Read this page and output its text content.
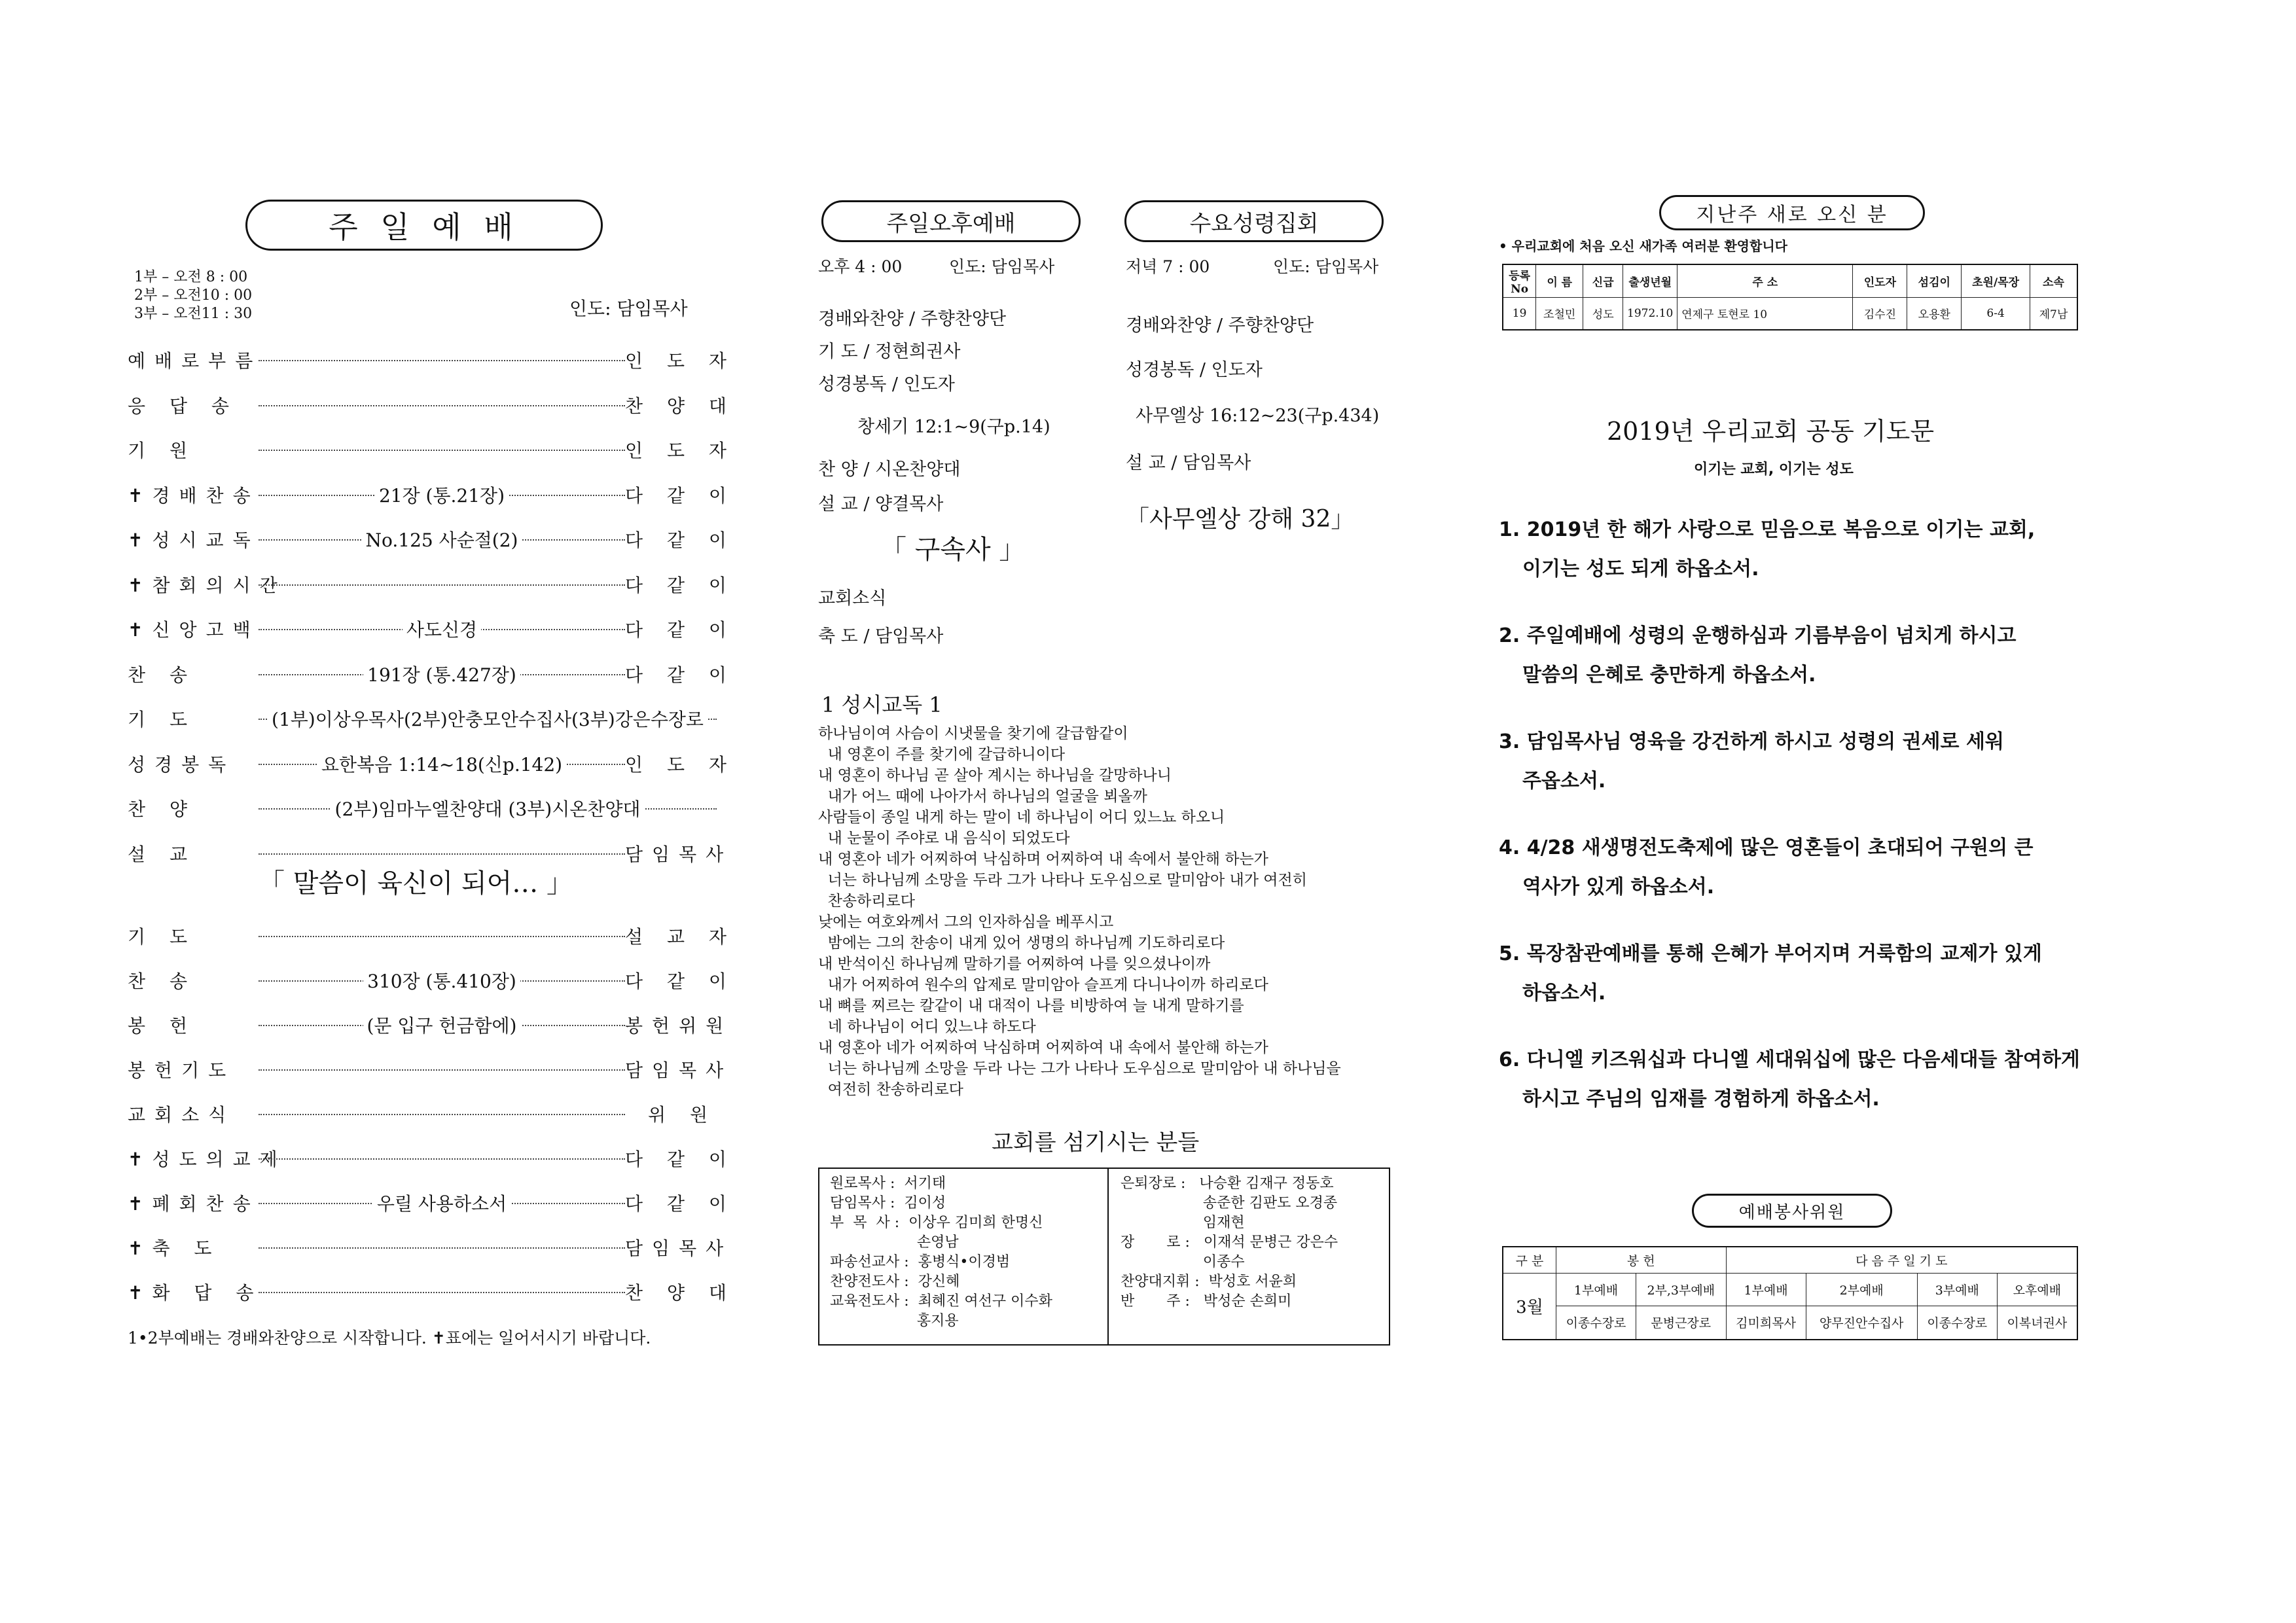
주 일 예 배
1부 – 오전 8 : 00
2부 – 오전10 : 00
3부 – 오전11 : 30	인도: 담임목사
예배로부름	인 도 자
응 답 송	찬 양 대
기 원	인 도 자
✝경배찬송	21장 (통.21장)	다 같 이
✝성시교독	No.125 사순절(2)	다 같 이
✝참회의시간	다 같 이
✝신앙고백	사도신경	다 같 이
찬 송	191장 (통.427장)	다 같 이
기 도	(1부)이상우목사(2부)안충모안수집사(3부)강은수장로
성경봉독	요한복음 1:14~18(신p.142)	인 도 자
찬 양	(2부)임마누엘찬양대 (3부)시온찬양대
설 교	담임목사
「 말씀이 육신이 되어… 」
기 도	설 교 자
찬 송	310장 (통.410장)	다 같 이
봉 헌	(문 입구 헌금함에)	봉헌위원
봉헌기도	담임목사
교회소식	위 원
✝성도의교제	다 같 이
✝폐회찬송	우릴 사용하소서	다 같 이
✝축 도	담임목사
✝화 답 송	찬 양 대
1•2부예배는 경배와찬양으로 시작합니다. ✝표에는 일어서시기 바랍니다.
주일오후예배
오후 4 : 00	인도: 담임목사
경배와찬양 / 주향찬양단
기 도 / 정현희권사
성경봉독 / 인도자
창세기 12:1~9(구p.14)
찬 양 / 시온찬양대
설 교 / 양결목사
「 구속사 」
교회소식
축 도 / 담임목사
수요성령집회
저녁 7 : 00	인도: 담임목사
경배와찬양 / 주향찬양단
성경봉독 / 인도자
사무엘상 16:12~23(구p.434)
설 교 / 담임목사
「사무엘상 강해 32」
1 성시교독 1
하나님이여 사슴이 시냇물을 찾기에 갈급함같이
내 영혼이 주를 찾기에 갈급하니이다
내 영혼이 하나님 곧 살아 계시는 하나님을 갈망하나니
내가 어느 때에 나아가서 하나님의 얼굴을 뵈올까
사람들이 종일 내게 하는 말이 네 하나님이 어디 있느뇨 하오니
내 눈물이 주야로 내 음식이 되었도다
내 영혼아 네가 어찌하여 낙심하며 어찌하여 내 속에서 불안해 하는가
너는 하나님께 소망을 두라 그가 나타나 도우심으로 말미암아 내가 여전히
찬송하리로다
낮에는 여호와께서 그의 인자하심을 베푸시고
밤에는 그의 찬송이 내게 있어 생명의 하나님께 기도하리로다
내 반석이신 하나님께 말하기를 어찌하여 나를 잊으셨나이까
내가 어찌하여 원수의 압제로 말미암아 슬프게 다니나이까 하리로다
내 뼈를 찌르는 칼같이 내 대적이 나를 비방하여 늘 내게 말하기를
네 하나님이 어디 있느냐 하도다
내 영혼아 네가 어찌하여 낙심하며 어찌하여 내 속에서 불안해 하는가
너는 하나님께 소망을 두라 나는 그가 나타나 도우심으로 말미암아 내 하나님을
여전히 찬송하리로다
교회를 섬기시는 분들
원로목사 :  서기태
담임목사 :  김이성
부  목  사 :  이상우 김미희 한명신
손영남
파송선교사 :  홍병식•이경범
찬양전도사 :  강신혜
교육전도사 :  최혜진 여선구 이수화
홍지용
은퇴장로 :   나승환 김재구 정동호
송준한 김판도 오경종
임재현
장       로 :   이재석 문병근 강은수
이종수
찬양대지휘 :  박성호 서윤희
반       주 :   박성순 손희미
지난주 새로 오신 분
• 우리교회에 처음 오신 새가족 여러분 환영합니다
등록No	이 름	신급	출생년월	주 소	인도자	섬김이	초원/목장	소속
19	조철민	성도	1972.10	연제구 토현로 10	김수진	오용환	6-4	제7남
2019년 우리교회 공동 기도문
이기는 교회, 이기는 성도
1. 2019년 한 해가 사랑으로 믿음으로 복음으로 이기는 교회,
이기는 성도 되게 하옵소서.
2. 주일예배에 성령의 운행하심과 기름부음이 넘치게 하시고
말씀의 은혜로 충만하게 하옵소서.
3. 담임목사님 영육을 강건하게 하시고 성령의 권세로 세워
주옵소서.
4. 4/28 새생명전도축제에 많은 영혼들이 초대되어 구원의 큰
역사가 있게 하옵소서.
5. 목장참관예배를 통해 은혜가 부어지며 거룩함의 교제가 있게
하옵소서.
6. 다니엘 키즈워십과 다니엘 세대워십에 많은 다음세대들 참여하게
하시고 주님의 임재를 경험하게 하옵소서.
예배봉사위원
구 분	봉 헌		다 음 주 일 기 도			
3월	1부예배	2부,3부예배	1부예배	2부예배	3부예배	오후예배
	이종수장로	문병근장로	김미희목사	양무진안수집사	이종수장로	이복녀권사
